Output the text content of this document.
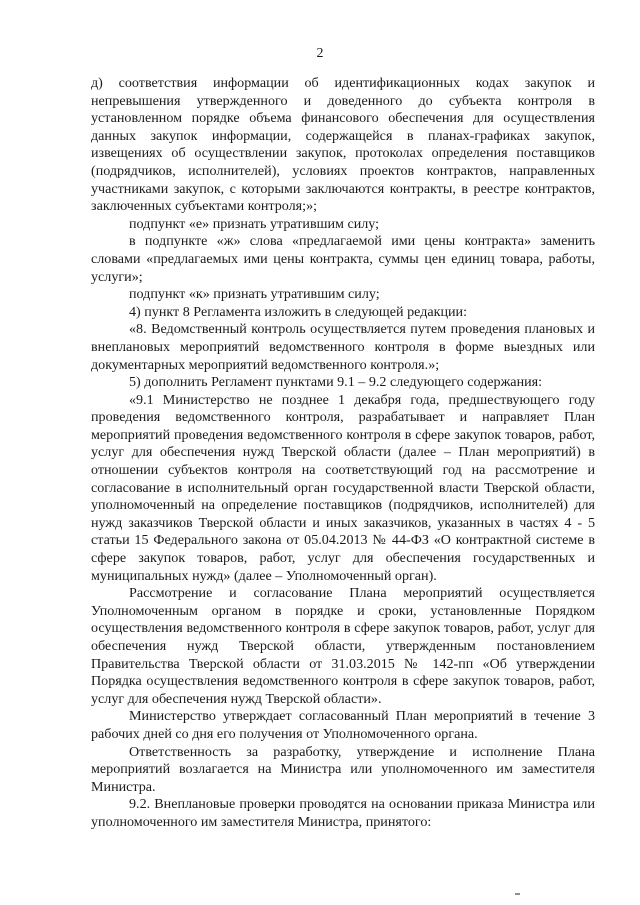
2

д) соответствия информации об идентификационных кодах закупок и непревышения утвержденного и доведенного до субъекта контроля в установленном порядке объема финансового обеспечения для осуществления данных закупок информации, содержащейся в планах-графиках закупок, извещениях об осуществлении закупок, протоколах определения поставщиков (подрядчиков, исполнителей), условиях проектов контрактов, направленных участниками закупок, с которыми заключаются контракты, в реестре контрактов, заключенных субъектами контроля;»;

подпункт «е» признать утратившим силу;

в подпункте «ж» слова «предлагаемой ими цены контракта» заменить словами «предлагаемых ими цены контракта, суммы цен единиц товара, работы, услуги»;

подпункт «к» признать утратившим силу;

4) пункт 8 Регламента изложить в следующей редакции:

«8. Ведомственный контроль осуществляется путем проведения плановых и внеплановых мероприятий ведомственного контроля в форме выездных или документарных мероприятий ведомственного контроля.»;

5) дополнить Регламент пунктами 9.1 – 9.2 следующего содержания:

«9.1 Министерство не позднее 1 декабря года, предшествующего году проведения ведомственного контроля, разрабатывает и направляет План мероприятий проведения ведомственного контроля в сфере закупок товаров, работ, услуг для обеспечения нужд Тверской области (далее – План мероприятий) в отношении субъектов контроля на соответствующий год на рассмотрение и согласование в исполнительный орган государственной власти Тверской области, уполномоченный на определение поставщиков (подрядчиков, исполнителей) для нужд заказчиков Тверской области и иных заказчиков, указанных в частях 4 - 5 статьи 15 Федерального закона от 05.04.2013 № 44-ФЗ «О контрактной системе в сфере закупок товаров, работ, услуг для обеспечения государственных и муниципальных нужд» (далее – Уполномоченный орган).

Рассмотрение и согласование Плана мероприятий осуществляется Уполномоченным органом в порядке и сроки, установленные Порядком осуществления ведомственного контроля в сфере закупок товаров, работ, услуг для обеспечения нужд Тверской области, утвержденным постановлением Правительства Тверской области от 31.03.2015 № 142-пп «Об утверждении Порядка осуществления ведомственного контроля в сфере закупок товаров, работ, услуг для обеспечения нужд Тверской области».

Министерство утверждает согласованный План мероприятий в течение 3 рабочих дней со дня его получения от Уполномоченного органа.

Ответственность за разработку, утверждение и исполнение Плана мероприятий возлагается на Министра или уполномоченного им заместителя Министра.

9.2. Внеплановые проверки проводятся на основании приказа Министра или уполномоченного им заместителя Министра, принятого:
